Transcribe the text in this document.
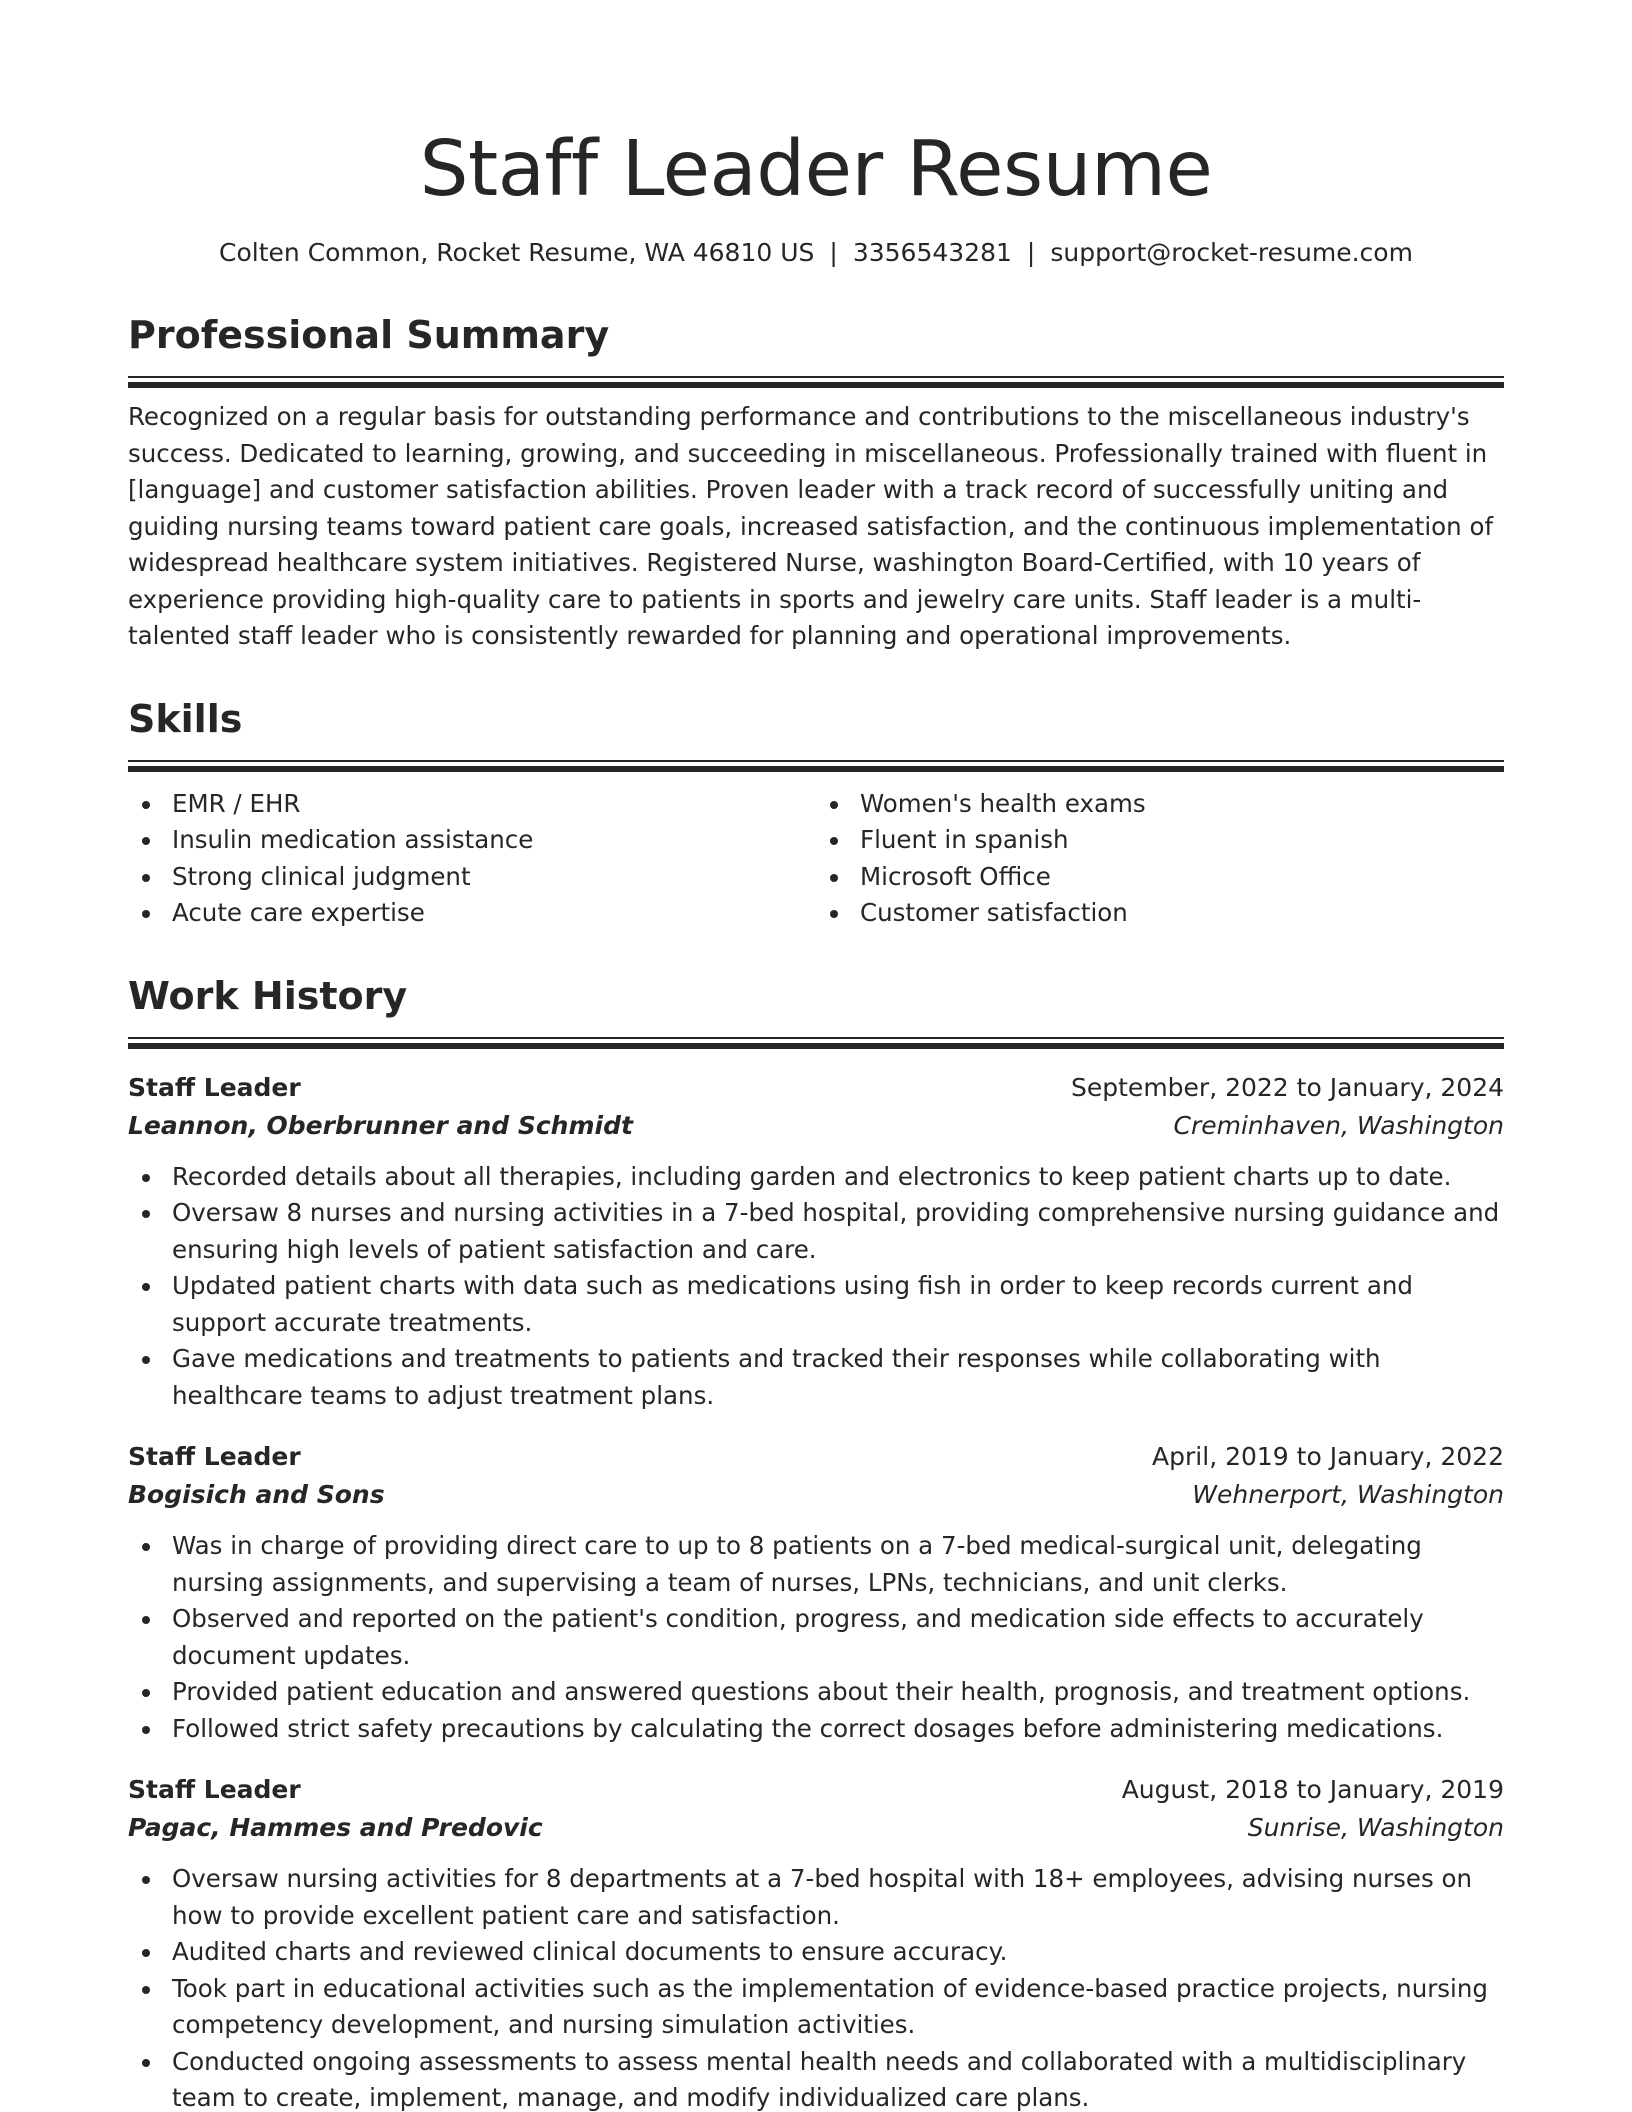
Staff Leader Resume
Colten Common, Rocket Resume, WA 46810 US | 3356543281 | support@rocket-resume.com
Professional Summary

Recognized on a regular basis for outstanding performance and contributions to the miscellaneous industry's success. Dedicated to learning, growing, and succeeding in miscellaneous. Professionally trained with fluent in [language] and customer satisfaction abilities. Proven leader with a track record of successfully uniting and guiding nursing teams toward patient care goals, increased satisfaction, and the continuous implementation of widespread healthcare system initiatives. Registered Nurse, washington Board-Certified, with 10 years of experience providing high-quality care to patients in sports and jewelry care units. Staff leader is a multi-talented staff leader who is consistently rewarded for planning and operational improvements.

Skills
EMR / EHR
Insulin medication assistance
Strong clinical judgment
Acute care expertise
Women's health exams
Fluent in spanish
Microsoft Office
Customer satisfaction
Work History
Staff Leader	September, 2022 to January, 2024
Leannon, Oberbrunner and Schmidt	Creminhaven, Washington
Recorded details about all therapies, including garden and electronics to keep patient charts up to date.
Oversaw 8 nurses and nursing activities in a 7-bed hospital, providing comprehensive nursing guidance and ensuring high levels of patient satisfaction and care.
Updated patient charts with data such as medications using fish in order to keep records current and support accurate treatments.
Gave medications and treatments to patients and tracked their responses while collaborating with healthcare teams to adjust treatment plans.
Staff Leader	April, 2019 to January, 2022
Bogisich and Sons	Wehnerport, Washington
Was in charge of providing direct care to up to 8 patients on a 7-bed medical-surgical unit, delegating nursing assignments, and supervising a team of nurses, LPNs, technicians, and unit clerks.
Observed and reported on the patient's condition, progress, and medication side effects to accurately document updates.
Provided patient education and answered questions about their health, prognosis, and treatment options.
Followed strict safety precautions by calculating the correct dosages before administering medications.
Staff Leader	August, 2018 to January, 2019
Pagac, Hammes and Predovic	Sunrise, Washington
Oversaw nursing activities for 8 departments at a 7-bed hospital with 18+ employees, advising nurses on how to provide excellent patient care and satisfaction.
Audited charts and reviewed clinical documents to ensure accuracy.
Took part in educational activities such as the implementation of evidence-based practice projects, nursing competency development, and nursing simulation activities.
Conducted ongoing assessments to assess mental health needs and collaborated with a multidisciplinary team to create, implement, manage, and modify individualized care plans.
